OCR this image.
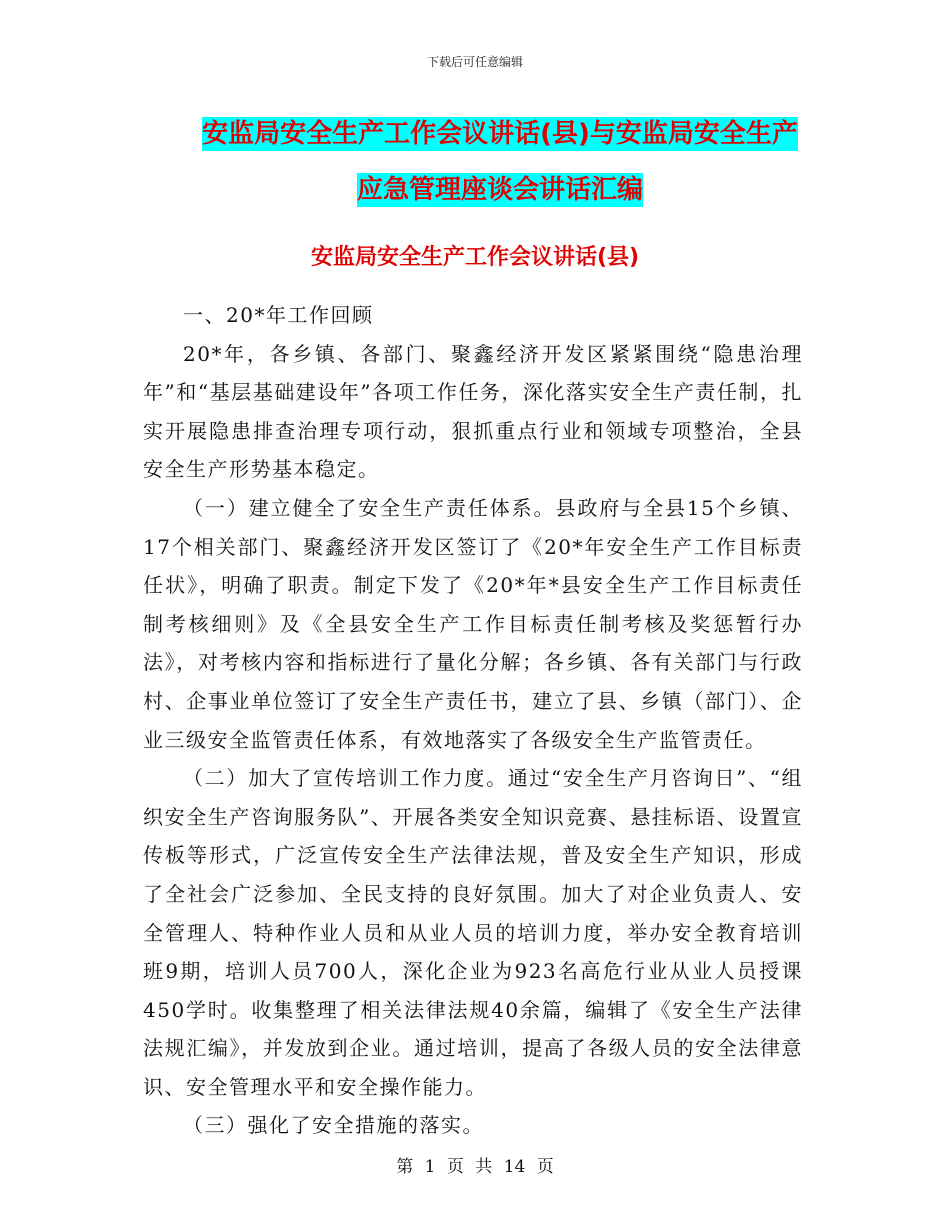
下载后可任意编辑
安监局安全生产工作会议讲话(县)与安监局安全生产
应急管理座谈会讲话汇编
安监局安全生产工作会议讲话(县)

一、20*年工作回顾

20*年，各乡镇、各部门、聚鑫经济开发区紧紧围绕“隐患治理年”和“基层基础建设年”各项工作任务，深化落实安全生产责任制，扎实开展隐患排查治理专项行动，狠抓重点行业和领域专项整治，全县安全生产形势基本稳定。

（一）建立健全了安全生产责任体系。县政府与全县15个乡镇、17个相关部门、聚鑫经济开发区签订了《20*年安全生产工作目标责任状》，明确了职责。制定下发了《20*年*县安全生产工作目标责任制考核细则》及《全县安全生产工作目标责任制考核及奖惩暂行办法》，对考核内容和指标进行了量化分解；各乡镇、各有关部门与行政村、企事业单位签订了安全生产责任书，建立了县、乡镇（部门）、企业三级安全监管责任体系，有效地落实了各级安全生产监管责任。

（二）加大了宣传培训工作力度。通过“安全生产月咨询日”、“组织安全生产咨询服务队”、开展各类安全知识竞赛、悬挂标语、设置宣传板等形式，广泛宣传安全生产法律法规，普及安全生产知识，形成了全社会广泛参加、全民支持的良好氛围。加大了对企业负责人、安全管理人、特种作业人员和从业人员的培训力度，举办安全教育培训班9期，培训人员700人，深化企业为923名高危行业从业人员授课450学时。收集整理了相关法律法规40余篇，编辑了《安全生产法律法规汇编》，并发放到企业。通过培训，提高了各级人员的安全法律意识、安全管理水平和安全操作能力。

（三）强化了安全措施的落实。

第 1 页 共 14 页
